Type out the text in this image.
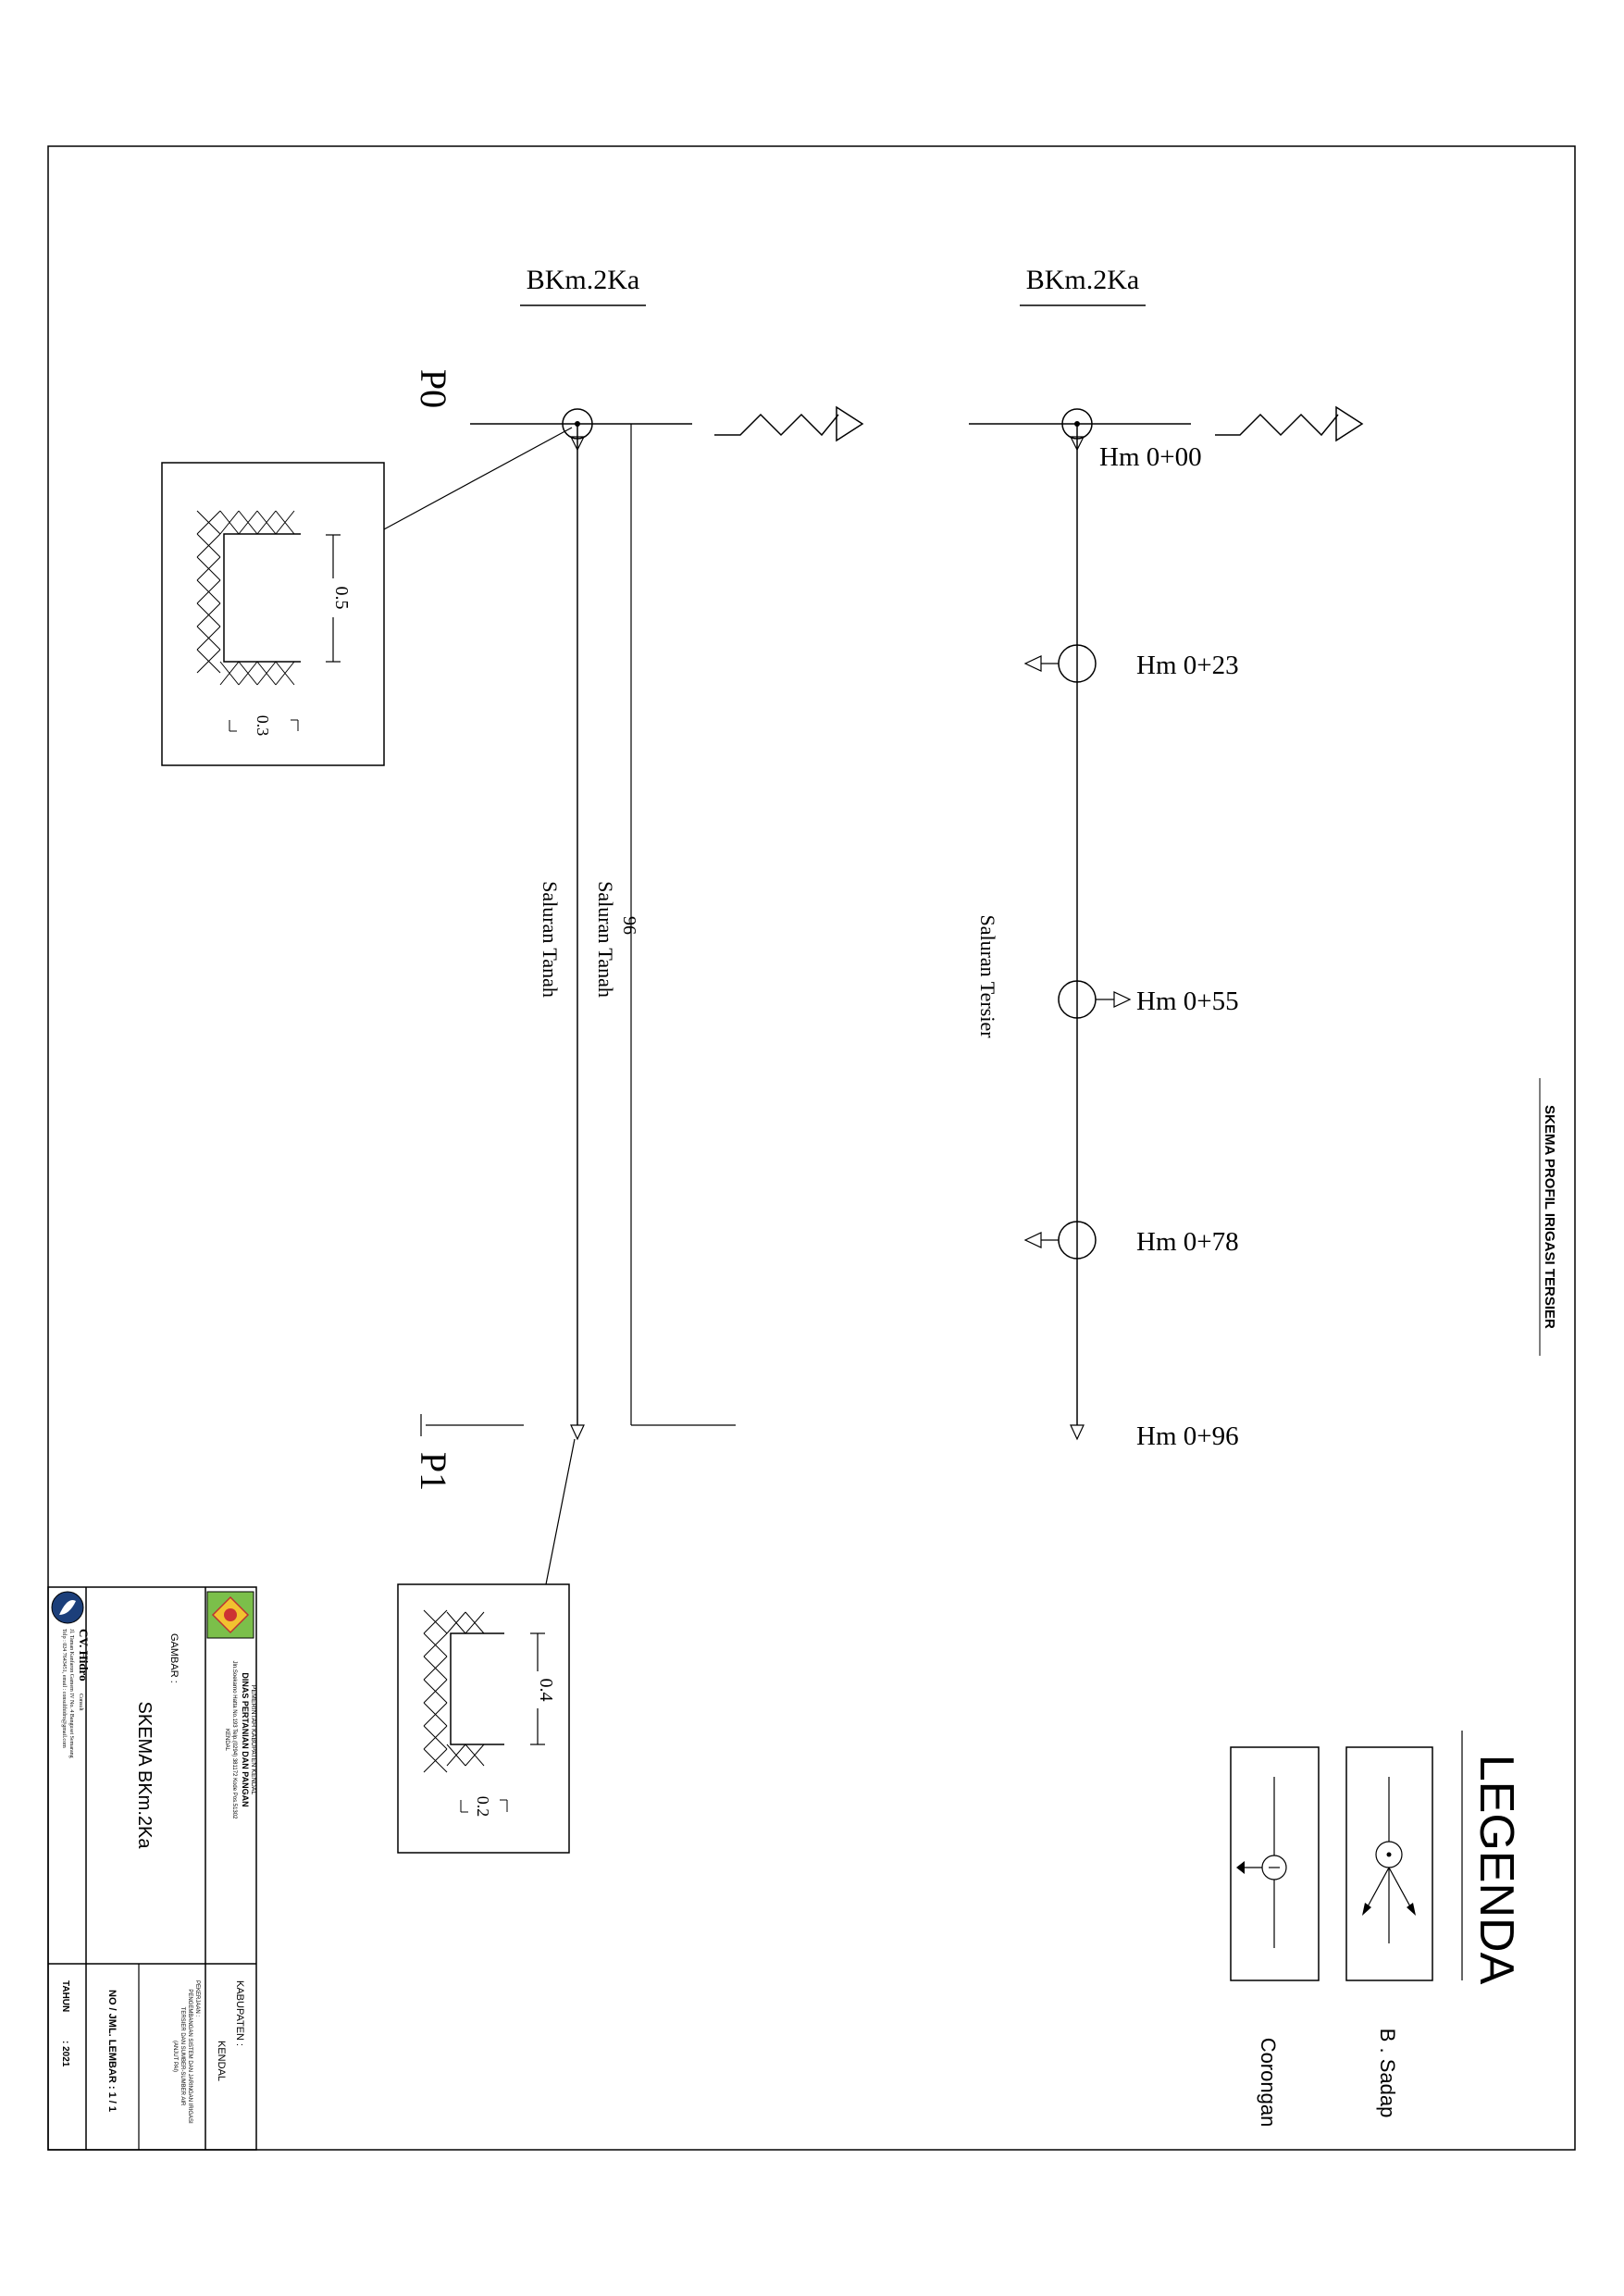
SKEMA PROFIL IRIGASI TERSIER
BKm.2Ka
P0
P1
Saluran Tanah Saluran Tanah 96
0.5
0.3
0.4
0.2
BKm.2Ka
Hm 0+00
Hm 0+23
Hm 0+55
Hm 0+78
Hm 0+96
Saluran Tersier
LEGENDA
B . Sadap
Corongan
PEMERINTAH KABUPATEN KENDAL
DINAS PERTANIAN DAN PANGAN
Jln.Soekarno Hatta No.193 Telp.(0294) 381172 Kode Pos.51302
KENDAL
KABUPATEN :
KENDAL
PEKERJAAN :
PENGEMBANGAN SISTEM DAN JARINGAN IRIGASI
TERSIER DAN SUMBER-SUMBER AIR
(ANJUT PAI)
GAMBAR :
SKEMA BKm.2Ka
NO / JML. LEMBAR : 1 / 1
TAHUN
: 2021
CV. Hidro
Consult
Jl. Taman Kanfaron Gamem IV No. 4 Banguset Semarang
Telp : 024 7643451, email : consulthidro@gmail.com
